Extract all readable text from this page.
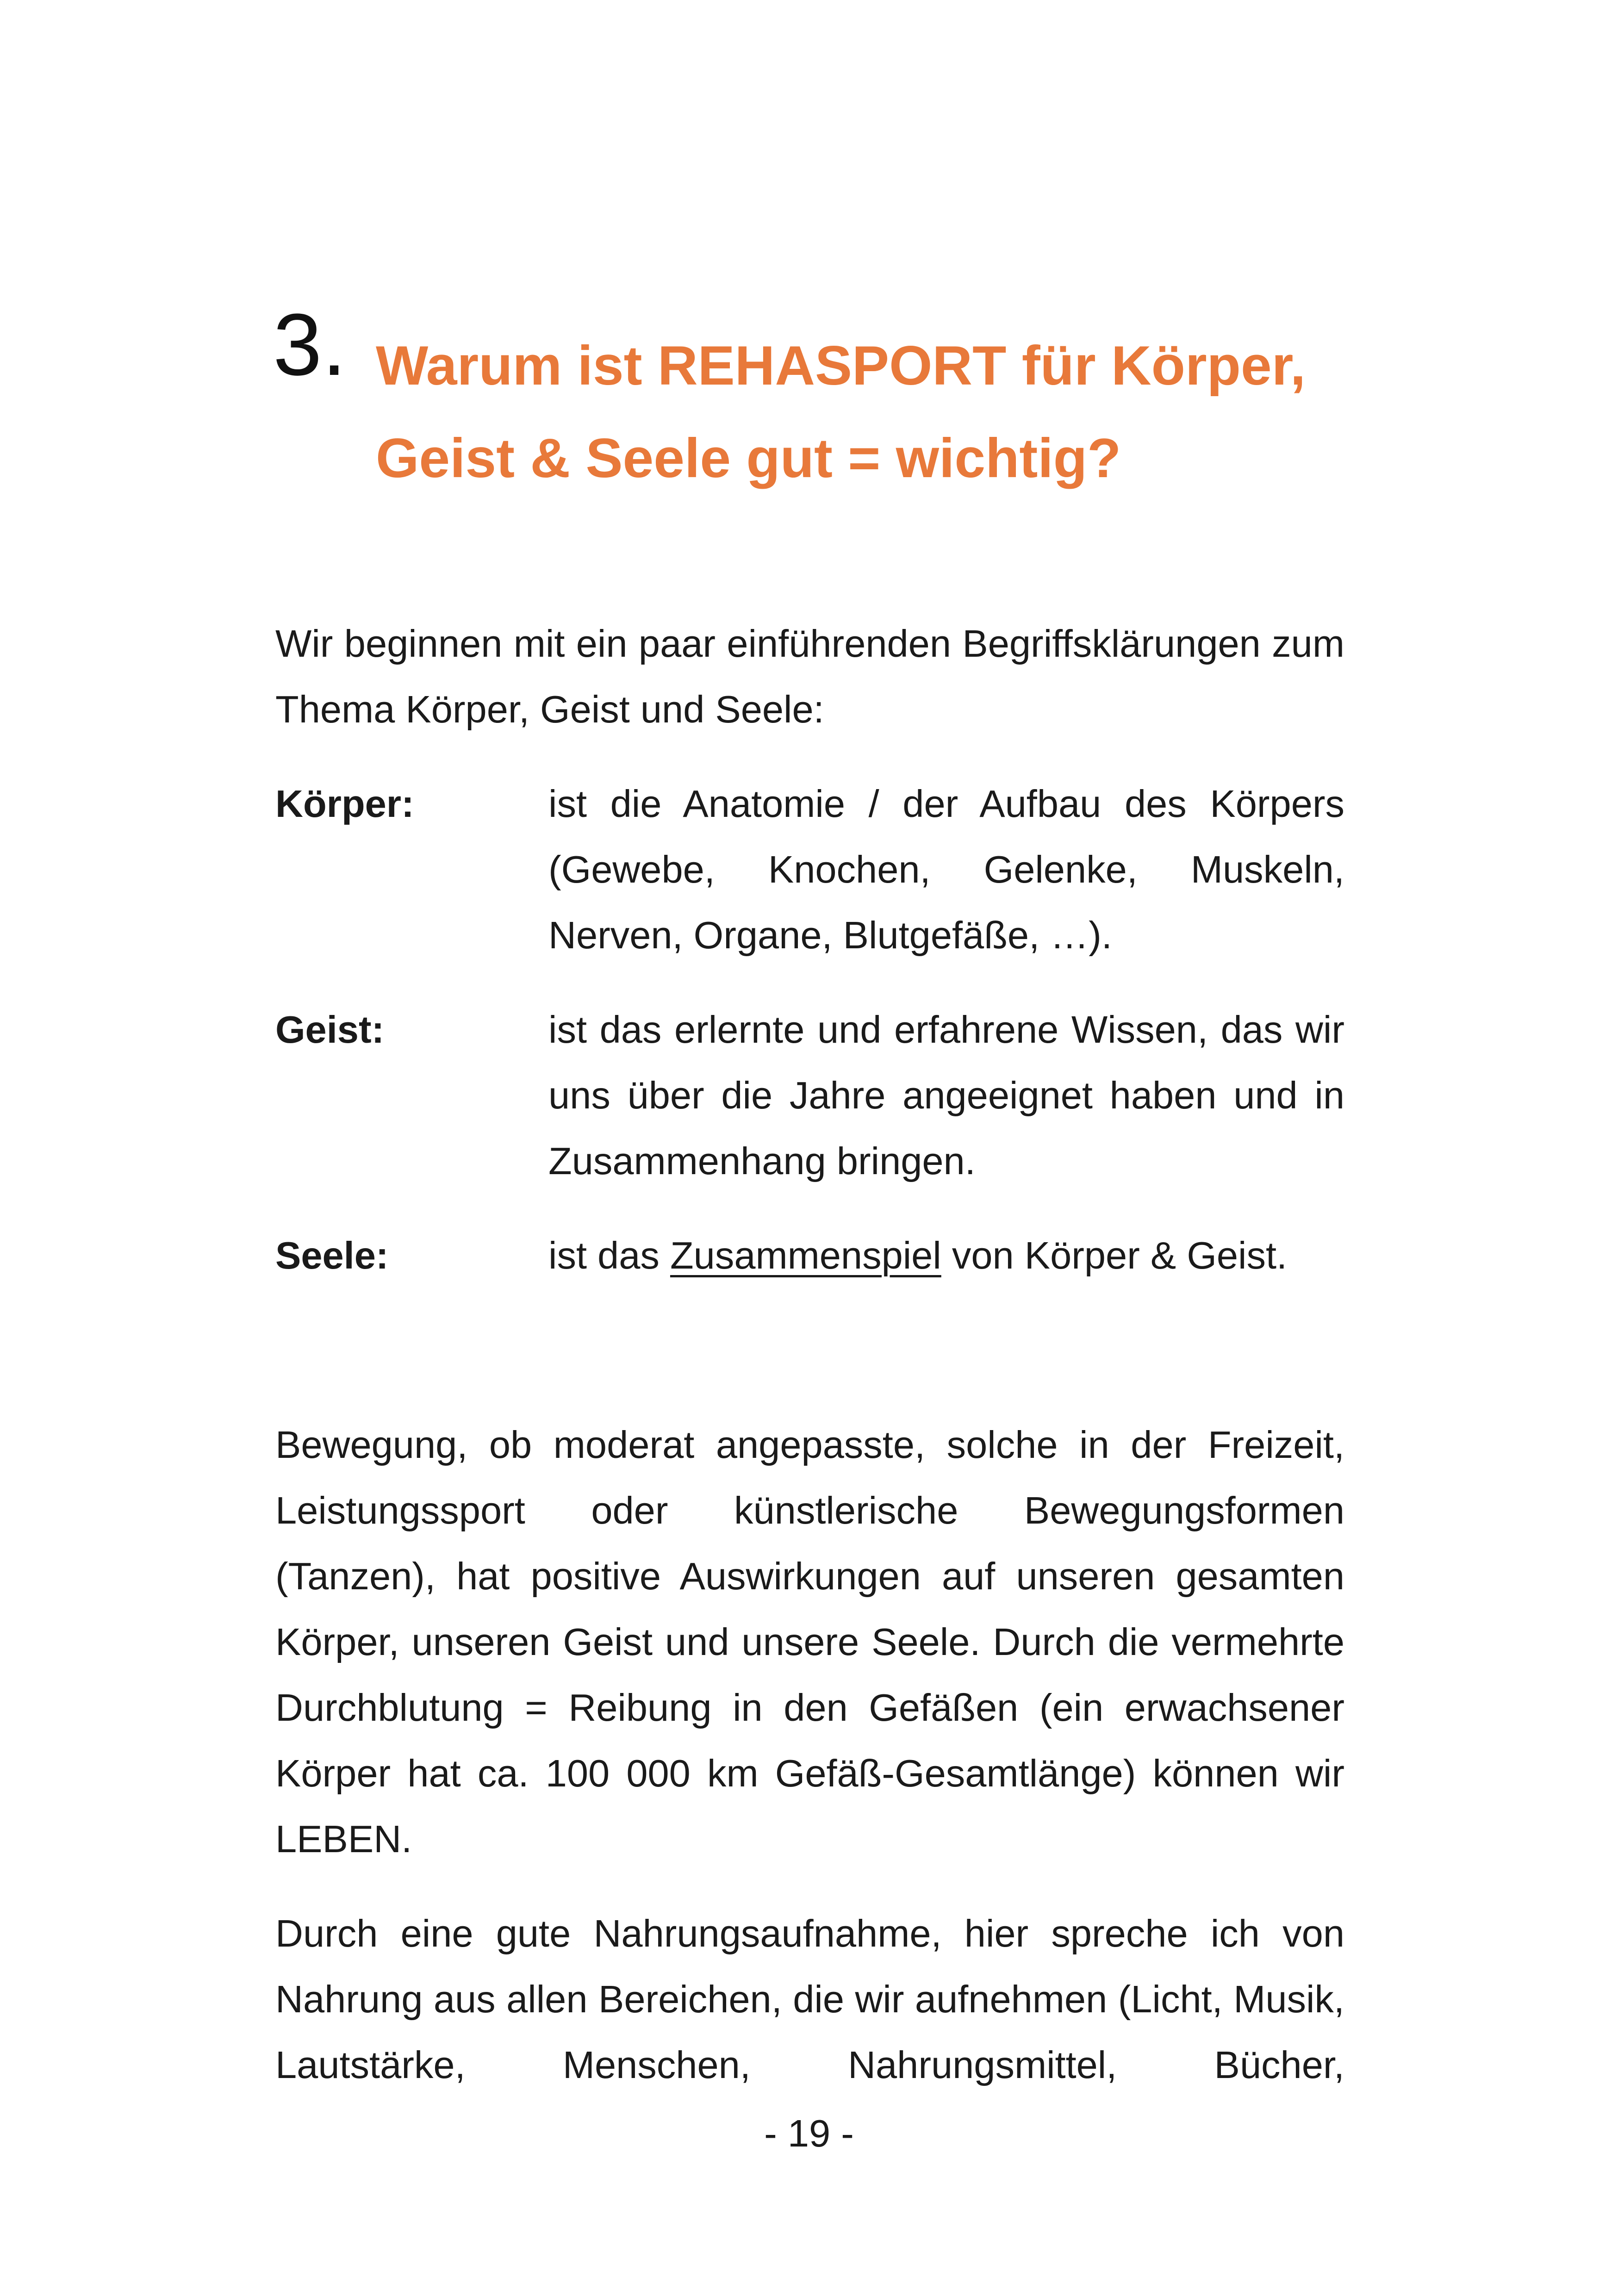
3. Warum ist REHASPORT für Körper,
Geist & Seele gut = wichtig?

Wir beginnen mit ein paar einführenden Begriffsklärungen zum Thema Körper, Geist und Seele:

Körper:	ist die Anatomie / der Aufbau des Körpers (Gewebe, Knochen, Gelenke, Muskeln, Nerven, Organe, Blutgefäße, …).
Geist:	ist das erlernte und erfahrene Wissen, das wir uns über die Jahre angeeignet haben und in Zusammenhang bringen.
Seele:	ist das Zusammenspiel von Körper & Geist.

Bewegung, ob moderat angepasste, solche in der Freizeit, Leistungssport oder künstlerische Bewegungsformen (Tanzen), hat positive Auswirkungen auf unseren gesamten Körper, unseren Geist und unsere Seele. Durch die vermehrte Durchblutung = Reibung in den Gefäßen (ein erwachsener Körper hat ca. 100 000 km Gefäß-Gesamtlänge) können wir LEBEN.

Durch eine gute Nahrungsaufnahme, hier spreche ich von Nahrung aus allen Bereichen, die wir aufnehmen (Licht, Musik, Lautstärke, Menschen, Nahrungsmittel, Bücher,

- 19 -
